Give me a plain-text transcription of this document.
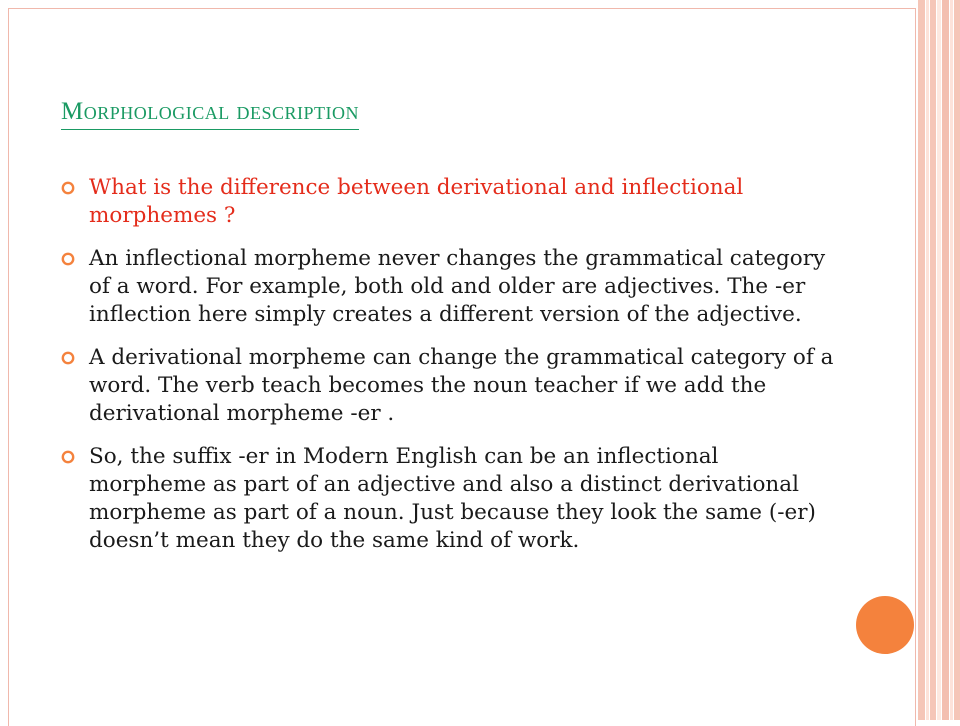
Morphological description
What is the difference between derivational and inflectional morphemes ?
An inflectional morpheme never changes the grammatical category of a word. For example, both old and older are adjectives. The -er inflection here simply creates a different version of the adjective.
A derivational morpheme can change the grammatical category of a word. The verb teach becomes the noun teacher if we add the derivational morpheme -er .
So, the suffix -er in Modern English can be an inflectional morpheme as part of an adjective and also a distinct derivational morpheme as part of a noun. Just because they look the same (-er) doesn’t mean they do the same kind of work.
